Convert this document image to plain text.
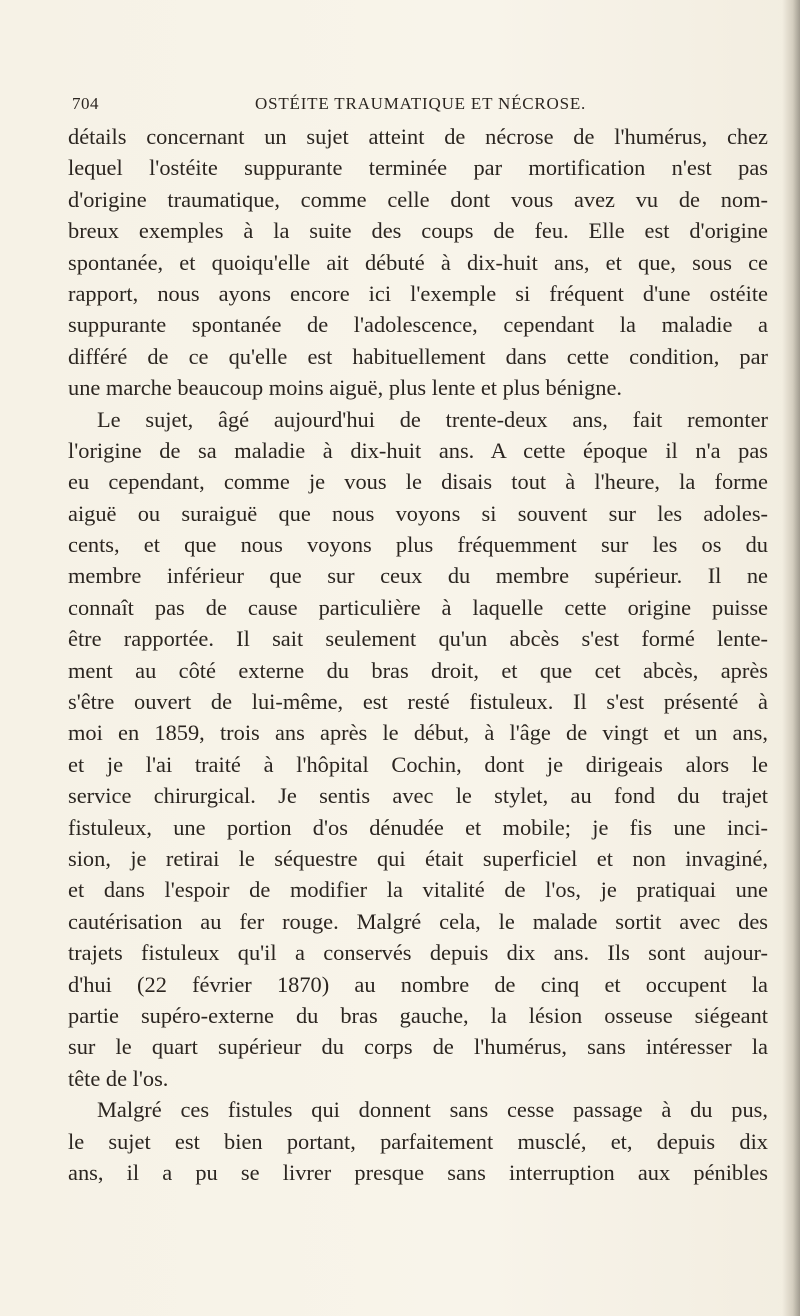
704	OSTÉITE TRAUMATIQUE ET NÉCROSE.
détails concernant un sujet atteint de nécrose de l'humérus, chez
lequel l'ostéite suppurante terminée par mortification n'est pas
d'origine traumatique, comme celle dont vous avez vu de nom-
breux exemples à la suite des coups de feu. Elle est d'origine
spontanée, et quoiqu'elle ait débuté à dix-huit ans, et que, sous ce
rapport, nous ayons encore ici l'exemple si fréquent d'une ostéite
suppurante spontanée de l'adolescence, cependant la maladie a
différé de ce qu'elle est habituellement dans cette condition, par
une marche beaucoup moins aiguë, plus lente et plus bénigne.
Le sujet, âgé aujourd'hui de trente-deux ans, fait remonter
l'origine de sa maladie à dix-huit ans. A cette époque il n'a pas
eu cependant, comme je vous le disais tout à l'heure, la forme
aiguë ou suraiguë que nous voyons si souvent sur les adoles-
cents, et que nous voyons plus fréquemment sur les os du
membre inférieur que sur ceux du membre supérieur. Il ne
connaît pas de cause particulière à laquelle cette origine puisse
être rapportée. Il sait seulement qu'un abcès s'est formé lente-
ment au côté externe du bras droit, et que cet abcès, après
s'être ouvert de lui-même, est resté fistuleux. Il s'est présenté à
moi en 1859, trois ans après le début, à l'âge de vingt et un ans,
et je l'ai traité à l'hôpital Cochin, dont je dirigeais alors le
service chirurgical. Je sentis avec le stylet, au fond du trajet
fistuleux, une portion d'os dénudée et mobile; je fis une inci-
sion, je retirai le séquestre qui était superficiel et non invaginé,
et dans l'espoir de modifier la vitalité de l'os, je pratiquai une
cautérisation au fer rouge. Malgré cela, le malade sortit avec des
trajets fistuleux qu'il a conservés depuis dix ans. Ils sont aujour-
d'hui (22 février 1870) au nombre de cinq et occupent la
partie supéro-externe du bras gauche, la lésion osseuse siégeant
sur le quart supérieur du corps de l'humérus, sans intéresser la
tête de l'os.
Malgré ces fistules qui donnent sans cesse passage à du pus,
le sujet est bien portant, parfaitement musclé, et, depuis dix
ans, il a pu se livrer presque sans interruption aux pénibles
